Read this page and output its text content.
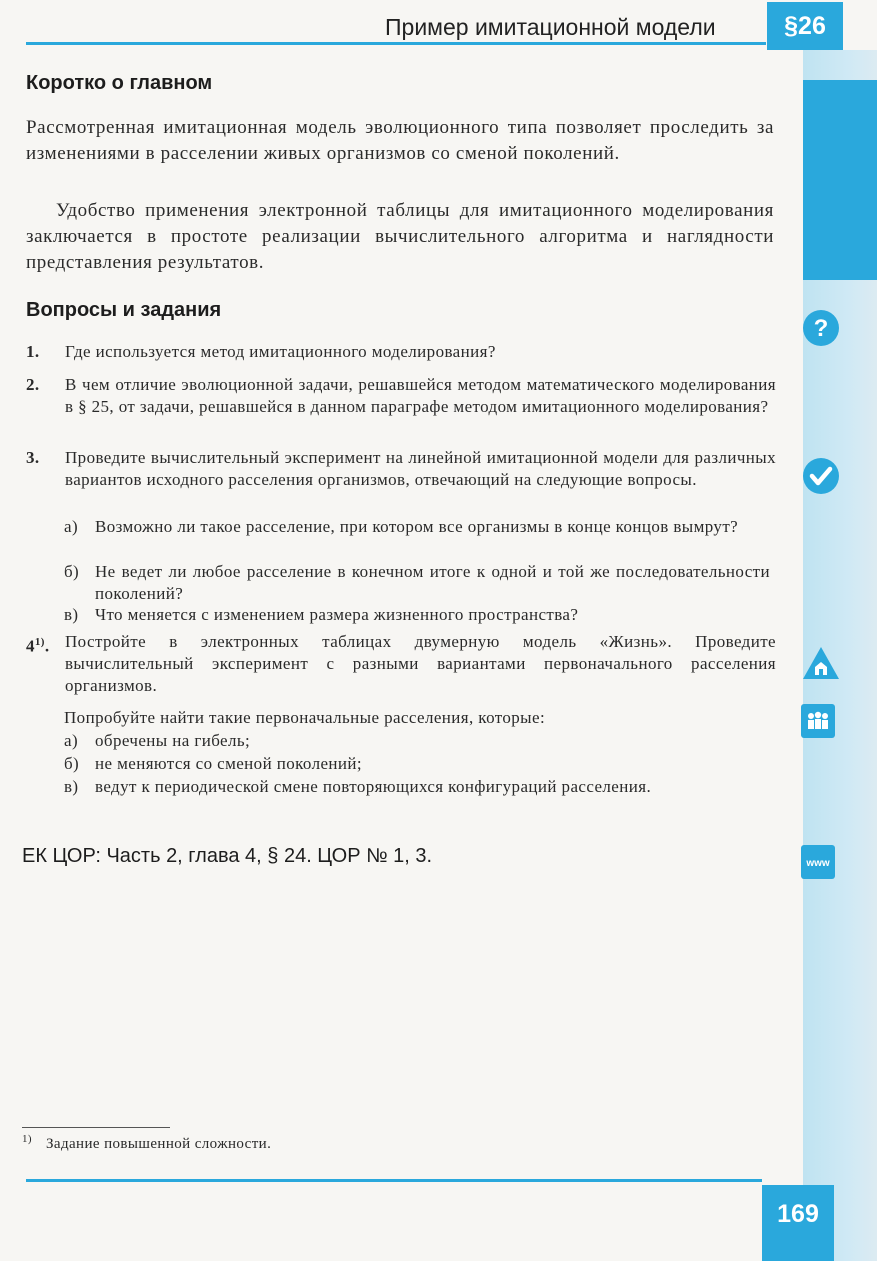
Пример имитационной модели	§26
Коротко о главном

Рассмотренная имитационная модель эволюционного типа позволяет проследить за изменениями в расселении живых организмов со сменой поколений.

Удобство применения электронной таблицы для имитационного моделирования заключается в простоте реализации вычислительного алгоритма и наглядности представления результатов.

Вопросы и задания
1. Где используется метод имитационного моделирования?
2. В чем отличие эволюционной задачи, решавшейся методом математического моделирования в § 25, от задачи, решавшейся в данном параграфе методом имитационного моделирования?
3. Проведите вычислительный эксперимент на линейной имитационной модели для различных вариантов исходного расселения организмов, отвечающий на следующие вопросы.
а) Возможно ли такое расселение, при котором все организмы в конце концов вымрут?
б) Не ведет ли любое расселение в конечном итоге к одной и той же последовательности поколений?
в) Что меняется с изменением размера жизненного пространства?
4$^{1)}$. Постройте в электронных таблицах двумерную модель «Жизнь». Проведите вычислительный эксперимент с разными вариантами первоначального расселения организмов.
Попробуйте найти такие первоначальные расселения, которые:
а) обречены на гибель;
б) не меняются со сменой поколений;
в) ведут к периодической смене повторяющихся конфигураций расселения.
ЕК ЦОР: Часть 2, глава 4, § 24. ЦОР № 1, 3.
$^{1)}$ Задание повышенной сложности.
169
?
www
